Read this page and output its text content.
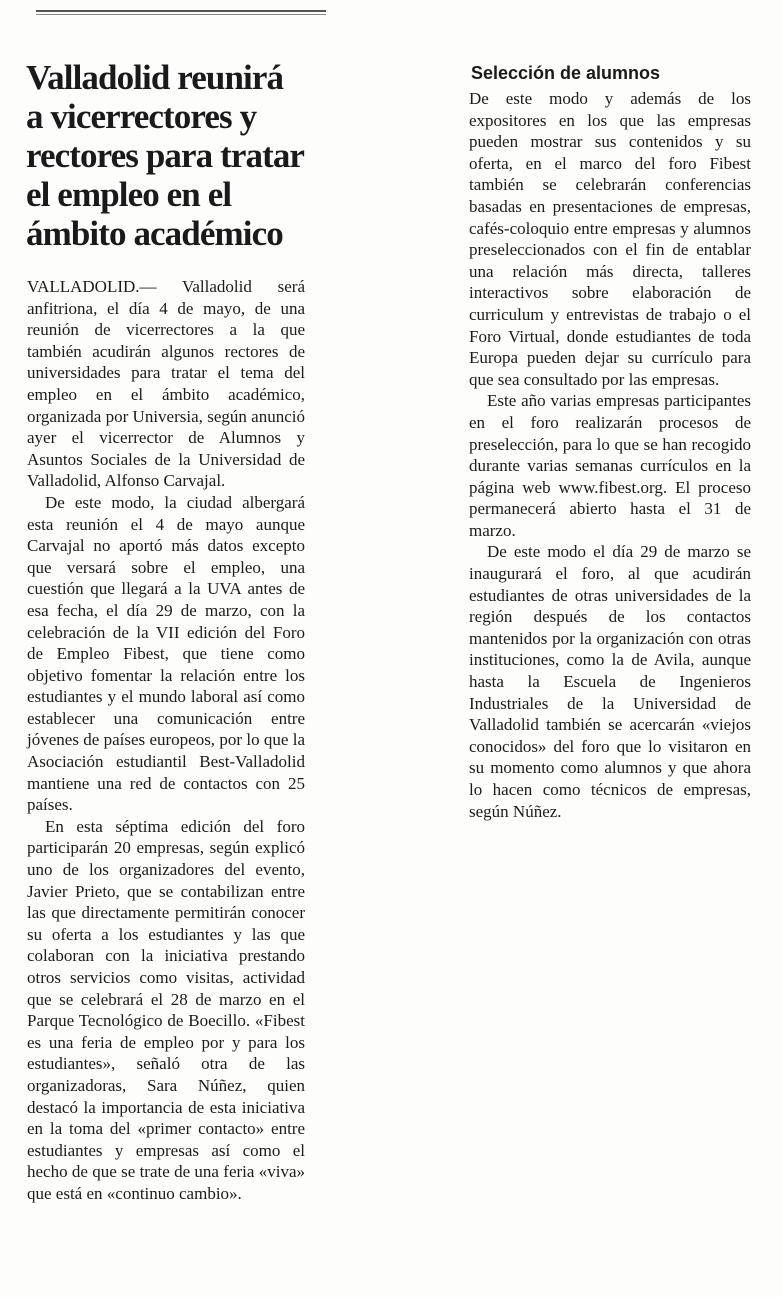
Valladolid reunirá
a vicerrectores y
rectores para tratar
el empleo en el
ámbito académico

VALLADOLID.— Valladolid será anfitriona, el día 4 de mayo, de una reunión de vicerrectores a la que también acudirán algunos rectores de universidades para tratar el tema del empleo en el ámbito académico, organizada por Universia, según anunció ayer el vicerrector de Alumnos y Asuntos Sociales de la Universidad de Valladolid, Alfonso Carvajal.

De este modo, la ciudad albergará esta reunión el 4 de mayo aunque Carvajal no aportó más datos excepto que versará sobre el empleo, una cuestión que llegará a la UVA antes de esa fecha, el día 29 de marzo, con la celebración de la VII edición del Foro de Empleo Fibest, que tiene como objetivo fomentar la relación entre los estudiantes y el mundo laboral así como establecer una comunicación entre jóvenes de países europeos, por lo que la Asociación estudiantil Best-Valladolid mantiene una red de contactos con 25 países.

En esta séptima edición del foro participarán 20 empresas, según explicó uno de los organizadores del evento, Javier Prieto, que se contabilizan entre las que directamente permitirán conocer su oferta a los estudiantes y las que colaboran con la iniciativa prestando otros servicios como visitas, actividad que se celebrará el 28 de marzo en el Parque Tecnológico de Boecillo. «Fibest es una feria de empleo por y para los estudiantes», señaló otra de las organizadoras, Sara Núñez, quien destacó la importancia de esta iniciativa en la toma del «primer contacto» entre estudiantes y empresas así como el hecho de que se trate de una feria «viva» que está en «continuo cambio».

Selección de alumnos

De este modo y además de los expositores en los que las empresas pueden mostrar sus contenidos y su oferta, en el marco del foro Fibest también se celebrarán conferencias basadas en presentaciones de empresas, cafés-coloquio entre empresas y alumnos preseleccionados con el fin de entablar una relación más directa, talleres interactivos sobre elaboración de curriculum y entrevistas de trabajo o el Foro Virtual, donde estudiantes de toda Europa pueden dejar su currículo para que sea consultado por las empresas.

Este año varias empresas participantes en el foro realizarán procesos de preselección, para lo que se han recogido durante varias semanas currículos en la página web www.fibest.org. El proceso permanecerá abierto hasta el 31 de marzo.

De este modo el día 29 de marzo se inaugurará el foro, al que acudirán estudiantes de otras universidades de la región después de los contactos mantenidos por la organización con otras instituciones, como la de Avila, aunque hasta la Escuela de Ingenieros Industriales de la Universidad de Valladolid también se acercarán «viejos conocidos» del foro que lo visitaron en su momento como alumnos y que ahora lo hacen como técnicos de empresas, según Núñez.
